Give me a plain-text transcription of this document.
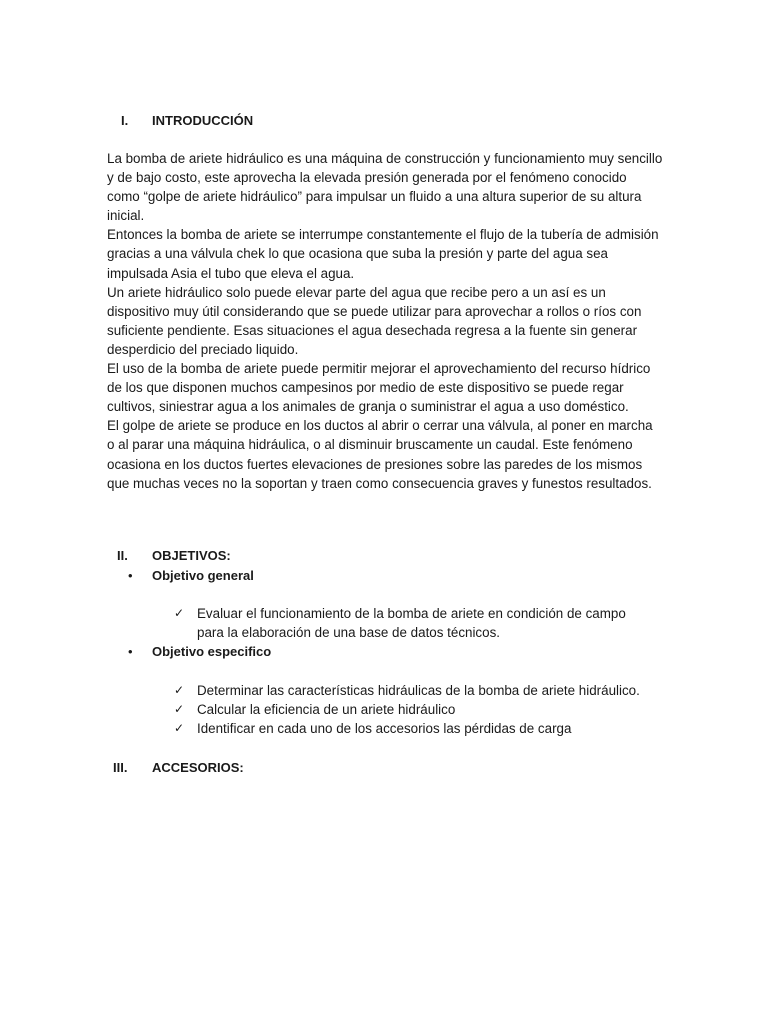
I. INTRODUCCIÓN

La bomba de ariete hidráulico es una máquina de construcción y funcionamiento muy sencillo y de bajo costo, este aprovecha la elevada presión generada por el fenómeno conocido como “golpe de ariete hidráulico” para impulsar un fluido a una altura superior de su altura inicial.

Entonces la bomba de ariete se interrumpe constantemente el flujo de la tubería de admisión gracias a una válvula chek lo que ocasiona que suba la presión y parte del agua sea impulsada Asia el tubo que eleva el agua.

Un ariete hidráulico solo puede elevar parte del agua que recibe pero a un así es un dispositivo muy útil considerando que se puede utilizar para aprovechar a rollos o ríos con suficiente pendiente. Esas situaciones el agua desechada regresa a la fuente sin generar desperdicio del preciado liquido.

El uso de la bomba de ariete puede permitir mejorar el aprovechamiento del recurso hídrico de los que disponen muchos campesinos por medio de este dispositivo se puede regar cultivos, siniestrar agua a los animales de granja o suministrar el agua a uso doméstico.

El golpe de ariete se produce en los ductos al abrir o cerrar una válvula, al poner en marcha o al parar una máquina hidráulica, o al disminuir bruscamente un caudal. Este fenómeno ocasiona en los ductos fuertes elevaciones de presiones sobre las paredes de los mismos que muchas veces no la soportan y traen como consecuencia graves y funestos resultados.

II. OBJETIVOS:
• Objetivo general
✓ Evaluar el funcionamiento de la bomba de ariete en condición de campo para la elaboración de una base de datos técnicos.
• Objetivo especifico
✓ Determinar las características hidráulicas de la bomba de ariete hidráulico.
✓ Calcular la eficiencia de un ariete hidráulico
✓ Identificar en cada uno de los accesorios las pérdidas de carga
III. ACCESORIOS:
